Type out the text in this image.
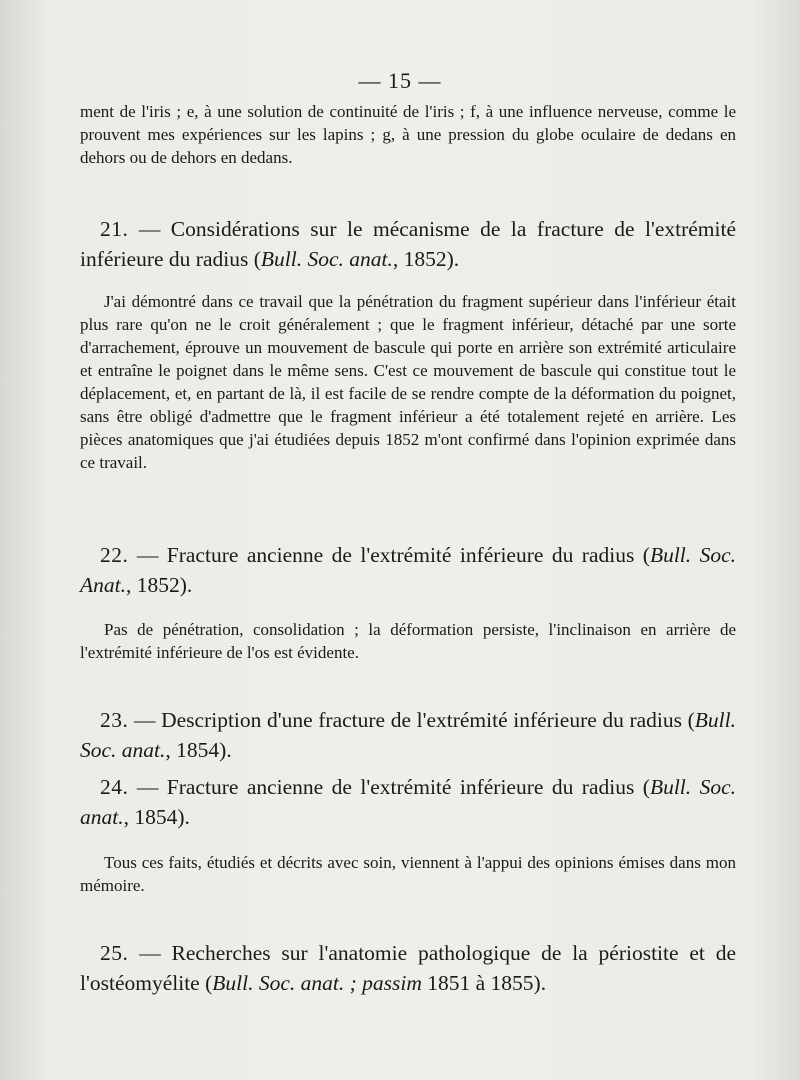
— 15 —
ment de l'iris ; e, à une solution de continuité de l'iris ; f, à une influence nerveuse, comme le prouvent mes expériences sur les lapins ; g, à une pression du globe oculaire de dedans en dehors ou de dehors en dedans.
21. — Considérations sur le mécanisme de la fracture de l'extrémité inférieure du radius (Bull. Soc. anat., 1852).
J'ai démontré dans ce travail que la pénétration du fragment supérieur dans l'inférieur était plus rare qu'on ne le croit généralement ; que le fragment inférieur, détaché par une sorte d'arrachement, éprouve un mouvement de bascule qui porte en arrière son extrémité articulaire et entraîne le poignet dans le même sens. C'est ce mouvement de bascule qui constitue tout le déplacement, et, en partant de là, il est facile de se rendre compte de la déformation du poignet, sans être obligé d'admettre que le fragment inférieur a été totalement rejeté en arrière. Les pièces anatomiques que j'ai étudiées depuis 1852 m'ont confirmé dans l'opinion exprimée dans ce travail.
22. — Fracture ancienne de l'extrémité inférieure du radius (Bull. Soc. Anat., 1852).
Pas de pénétration, consolidation ; la déformation persiste, l'inclinaison en arrière de l'extrémité inférieure de l'os est évidente.
23. — Description d'une fracture de l'extrémité inférieure du radius (Bull. Soc. anat., 1854).
24. — Fracture ancienne de l'extrémité inférieure du radius (Bull. Soc. anat., 1854).
Tous ces faits, étudiés et décrits avec soin, viennent à l'appui des opinions émises dans mon mémoire.
25. — Recherches sur l'anatomie pathologique de la périostite et de l'ostéomyélite (Bull. Soc. anat. ; passim 1851 à 1855).
